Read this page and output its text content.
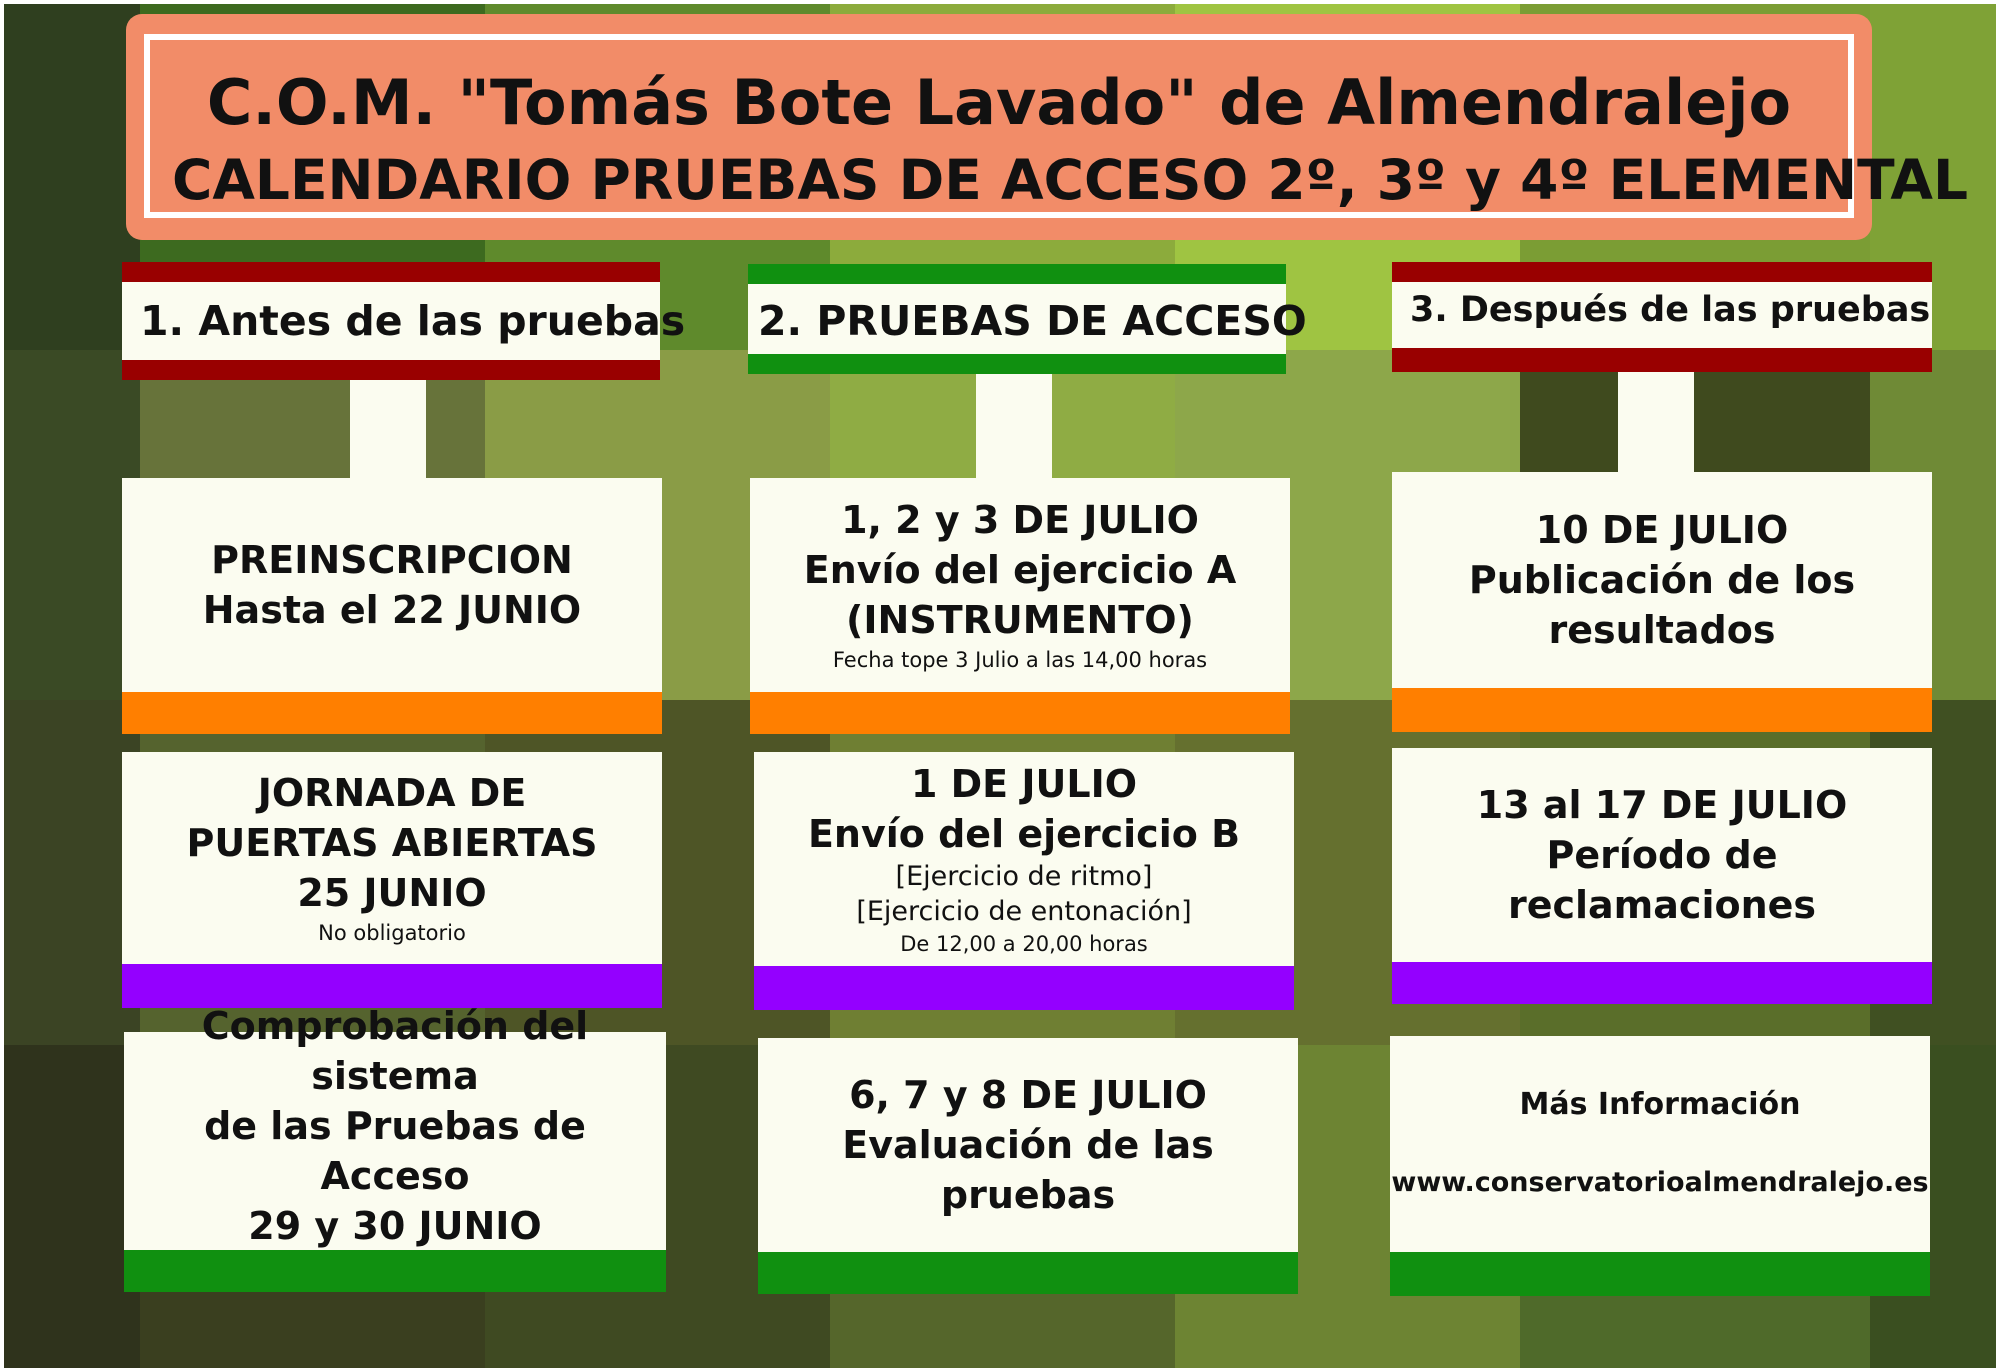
C.O.M. "Tomás Bote Lavado" de Almendralejo
CALENDARIO PRUEBAS DE ACCESO 2º, 3º y 4º ELEMENTAL
1. Antes de las pruebas
PREINSCRIPCION
Hasta el 22 JUNIO
JORNADA DE
PUERTAS ABIERTAS
25 JUNIO
No obligatorio
Comprobación del sistema
de las Pruebas de Acceso
29 y 30 JUNIO
2. PRUEBAS DE ACCESO
1, 2 y 3 DE JULIO
Envío del ejercicio A
(INSTRUMENTO)
Fecha tope 3 Julio a las 14,00 horas
1 DE JULIO
Envío del ejercicio B
[Ejercicio de ritmo]
[Ejercicio de entonación]
De 12,00 a 20,00 horas
6, 7 y 8 DE JULIO
Evaluación de las
pruebas
3. Después de las pruebas
10 DE JULIO
Publicación de los
resultados
13 al 17 DE JULIO
Período de
reclamaciones
Más Información
www.conservatorioalmendralejo.es
